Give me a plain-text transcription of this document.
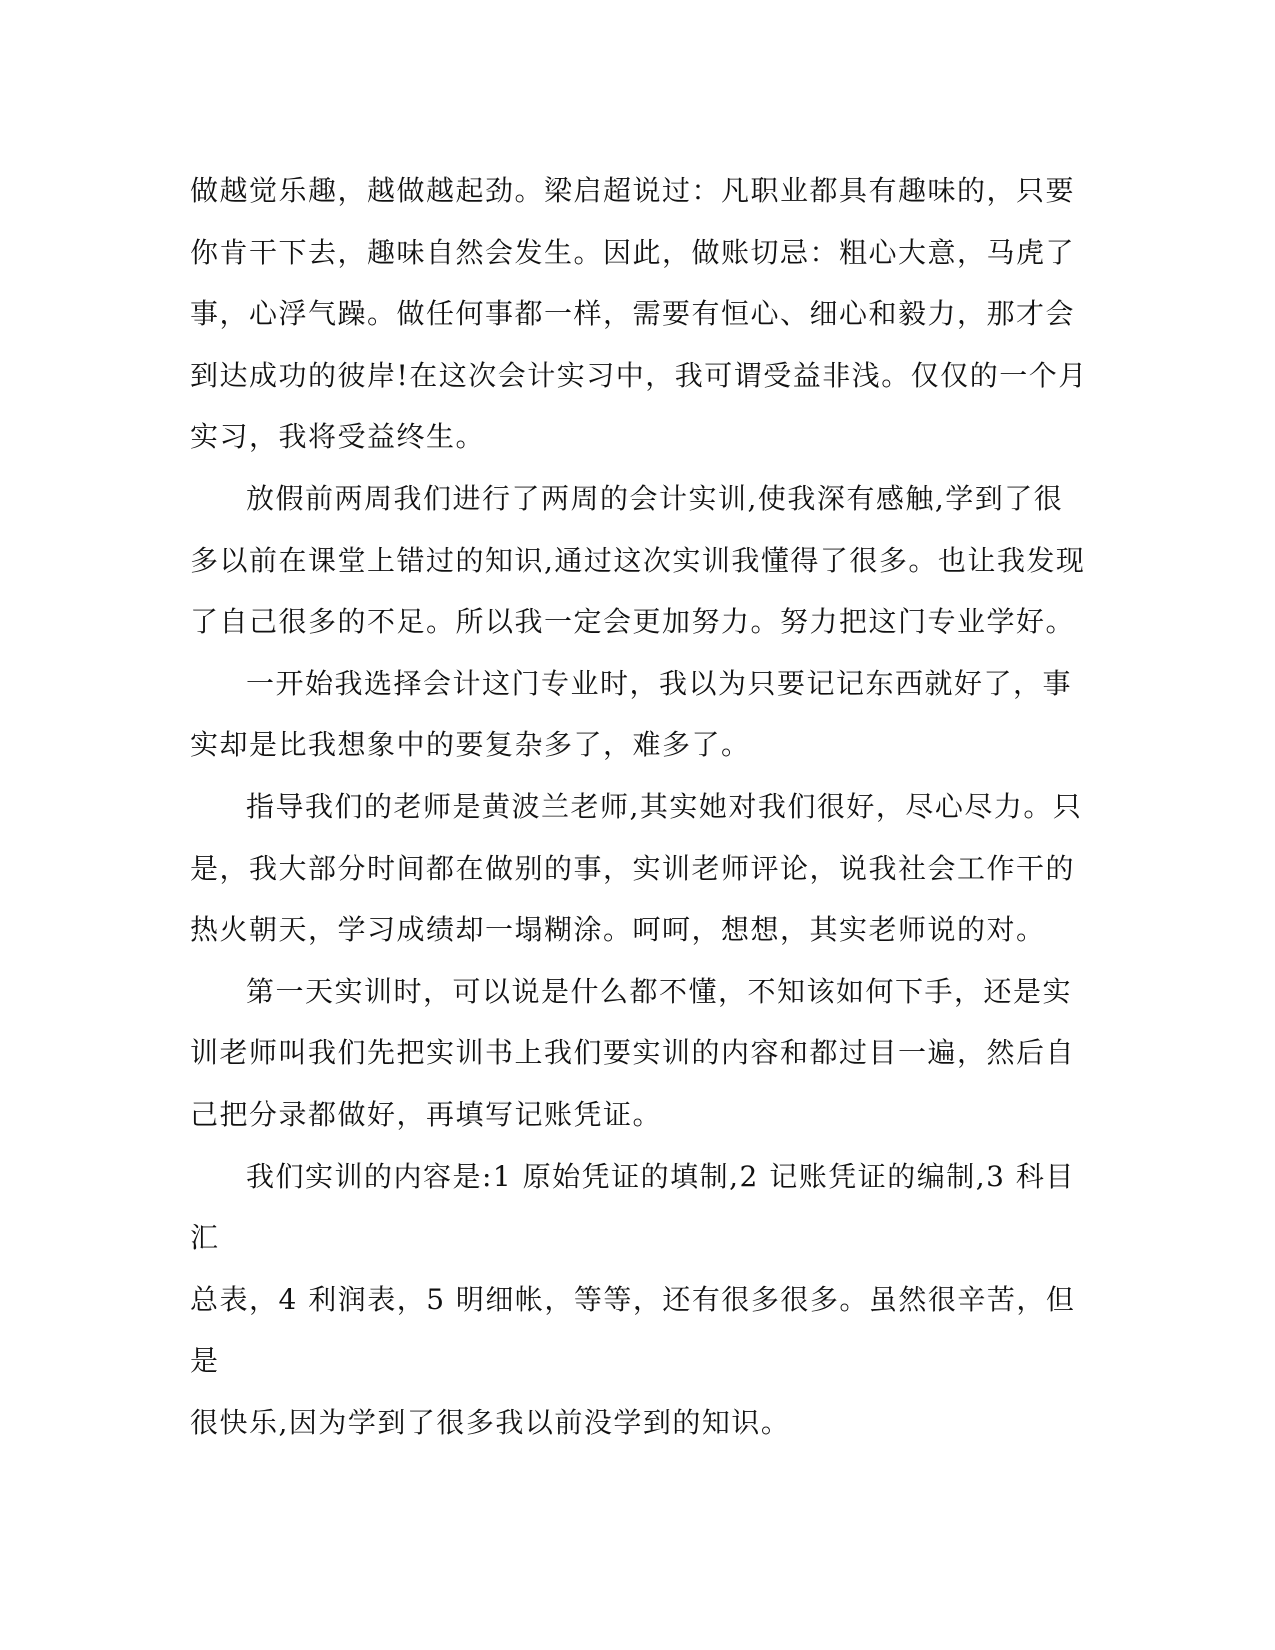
做越觉乐趣，越做越起劲。梁启超说过：凡职业都具有趣味的，只要
你肯干下去，趣味自然会发生。因此，做账切忌：粗心大意，马虎了
事，心浮气躁。做任何事都一样，需要有恒心、细心和毅力，那才会
到达成功的彼岸!在这次会计实习中，我可谓受益非浅。仅仅的一个月
实习，我将受益终生。

放假前两周我们进行了两周的会计实训,使我深有感触,学到了很
多以前在课堂上错过的知识,通过这次实训我懂得了很多。也让我发现
了自己很多的不足。所以我一定会更加努力。努力把这门专业学好。

一开始我选择会计这门专业时，我以为只要记记东西就好了，事
实却是比我想象中的要复杂多了，难多了。

指导我们的老师是黄波兰老师,其实她对我们很好，尽心尽力。只
是，我大部分时间都在做别的事，实训老师评论，说我社会工作干的
热火朝天，学习成绩却一塌糊涂。呵呵，想想，其实老师说的对。

第一天实训时，可以说是什么都不懂，不知该如何下手，还是实
训老师叫我们先把实训书上我们要实训的内容和都过目一遍，然后自
己把分录都做好，再填写记账凭证。

我们实训的内容是:1 原始凭证的填制,2 记账凭证的编制,3 科目汇
总表，4 利润表，5 明细帐，等等，还有很多很多。虽然很辛苦，但是
很快乐,因为学到了很多我以前没学到的知识。
